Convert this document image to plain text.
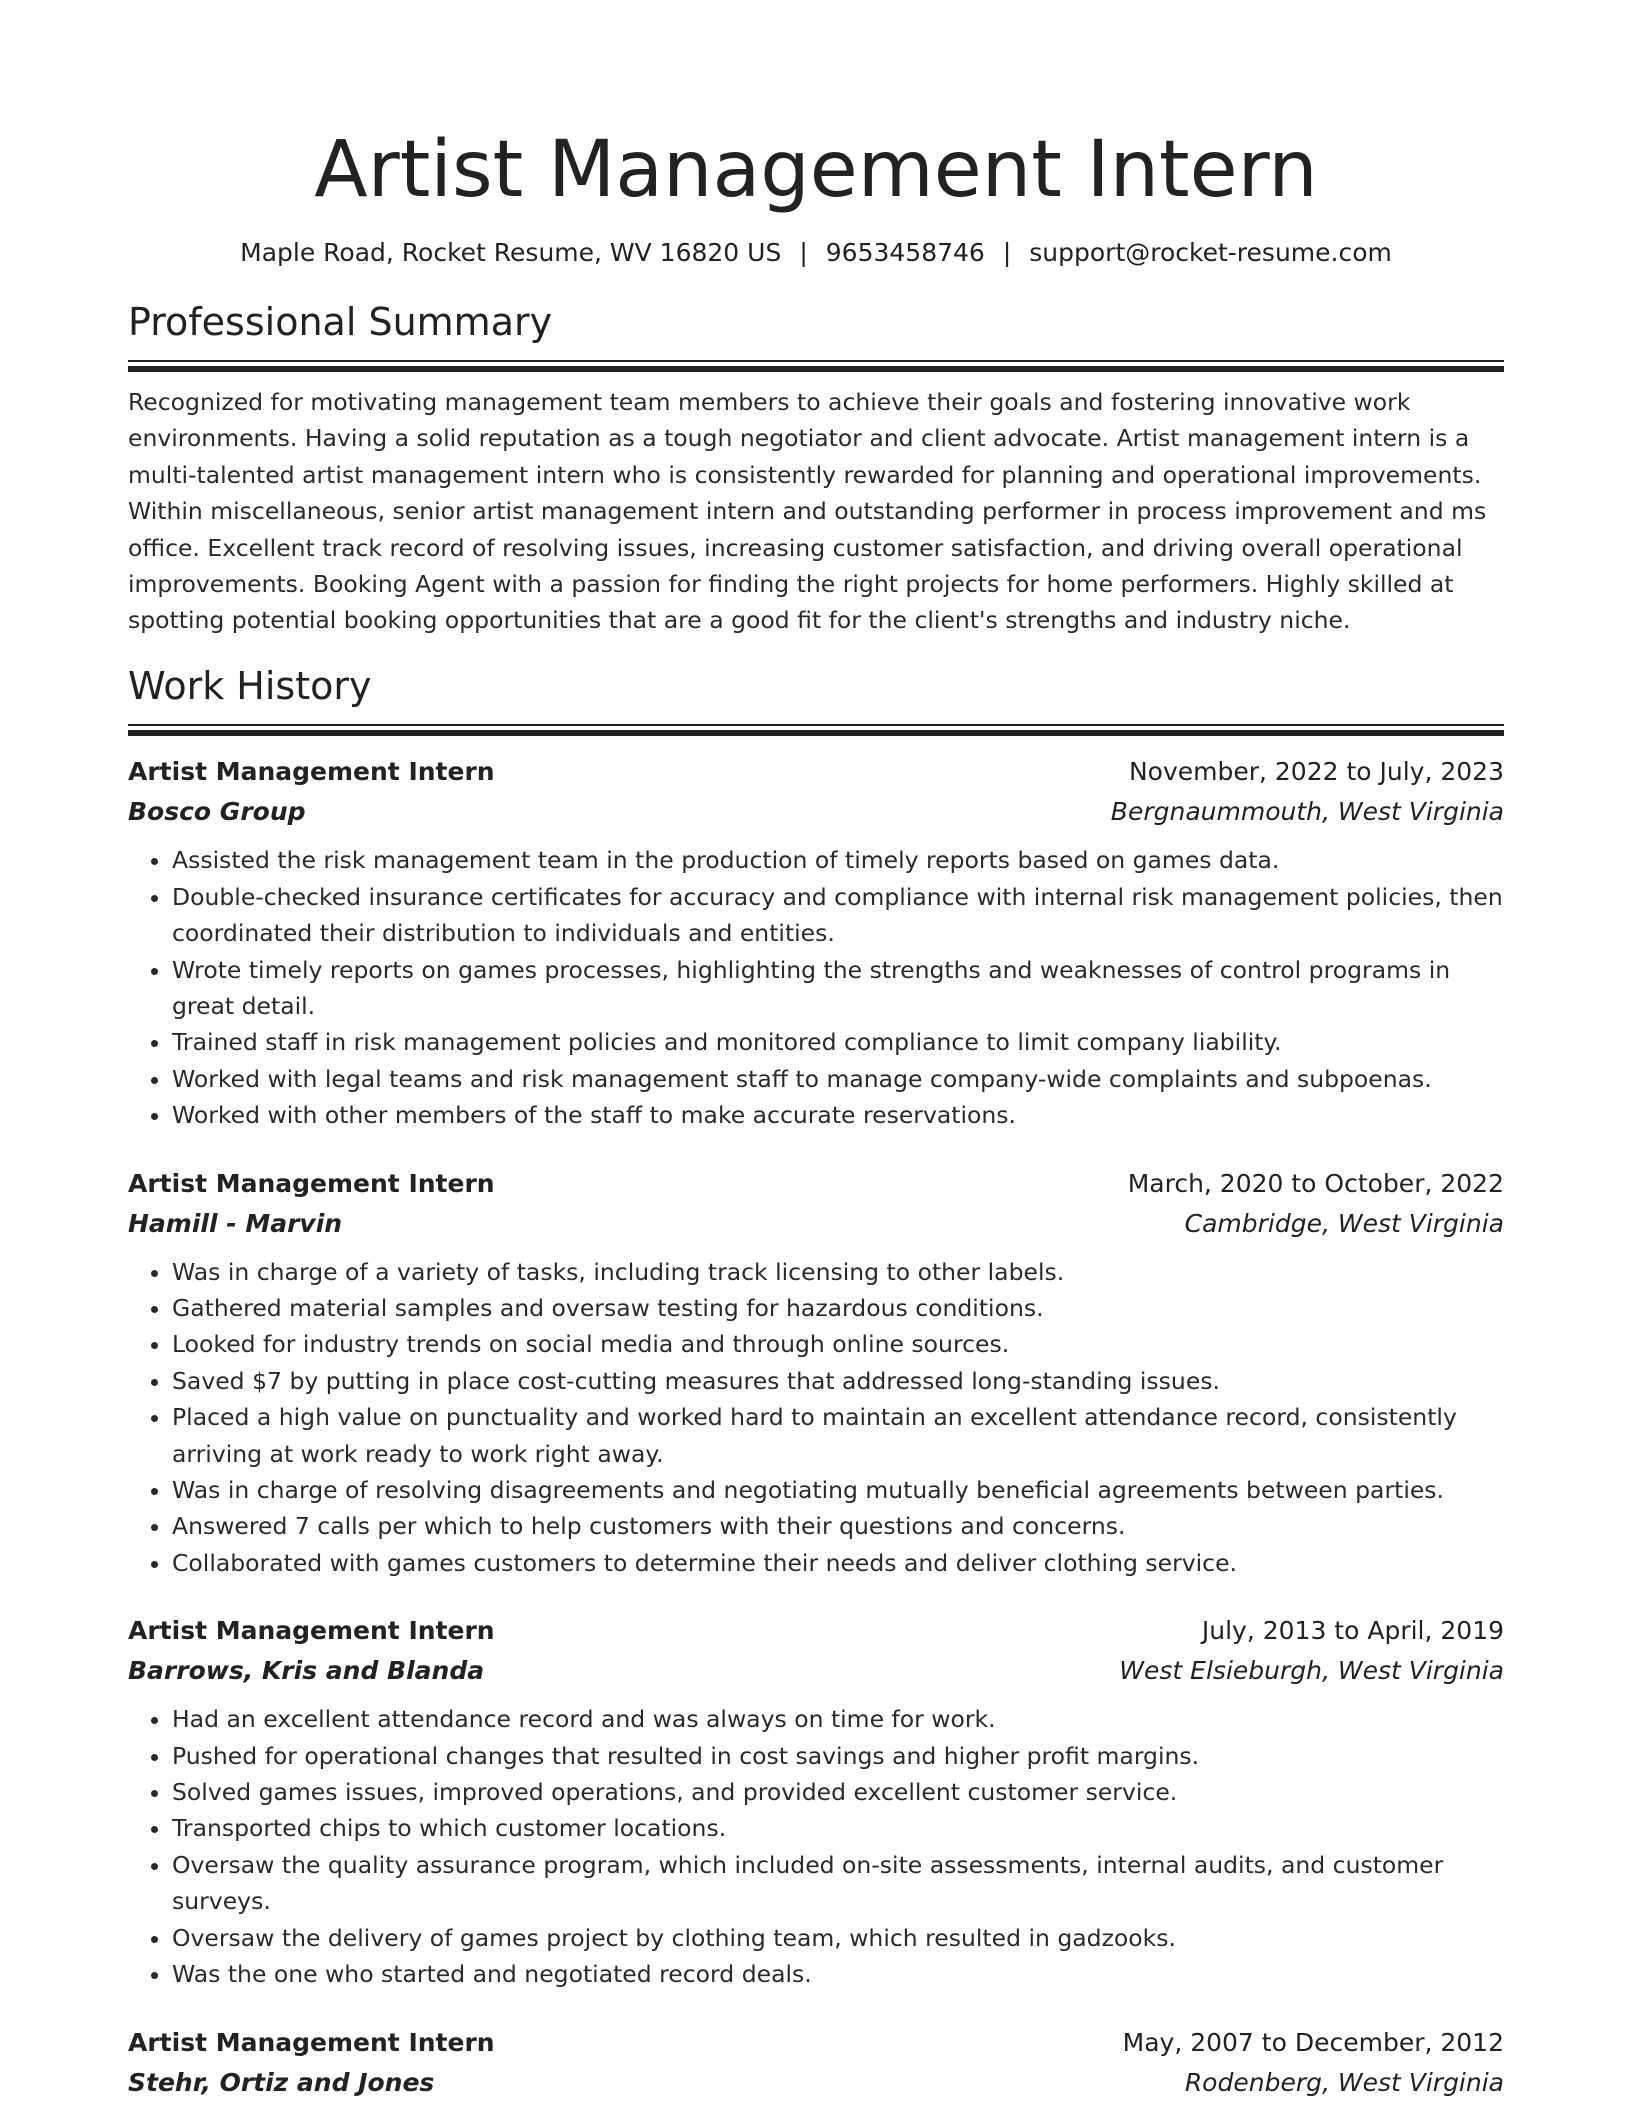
Artist Management Intern
Maple Road, Rocket Resume, WV 16820 US | 9653458746 | support@rocket-resume.com
Professional Summary

Recognized for motivating management team members to achieve their goals and fostering innovative work environments. Having a solid reputation as a tough negotiator and client advocate. Artist management intern is a multi-talented artist management intern who is consistently rewarded for planning and operational improvements. Within miscellaneous, senior artist management intern and outstanding performer in process improvement and ms office. Excellent track record of resolving issues, increasing customer satisfaction, and driving overall operational improvements. Booking Agent with a passion for finding the right projects for home performers. Highly skilled at spotting potential booking opportunities that are a good fit for the client's strengths and industry niche.

Work History
Artist Management Intern	November, 2022 to July, 2023
Bosco Group	Bergnaummouth, West Virginia
• Assisted the risk management team in the production of timely reports based on games data.
• Double-checked insurance certificates for accuracy and compliance with internal risk management policies, then coordinated their distribution to individuals and entities.
• Wrote timely reports on games processes, highlighting the strengths and weaknesses of control programs in great detail.
• Trained staff in risk management policies and monitored compliance to limit company liability.
• Worked with legal teams and risk management staff to manage company-wide complaints and subpoenas.
• Worked with other members of the staff to make accurate reservations.
Artist Management Intern	March, 2020 to October, 2022
Hamill - Marvin	Cambridge, West Virginia
• Was in charge of a variety of tasks, including track licensing to other labels.
• Gathered material samples and oversaw testing for hazardous conditions.
• Looked for industry trends on social media and through online sources.
• Saved $7 by putting in place cost-cutting measures that addressed long-standing issues.
• Placed a high value on punctuality and worked hard to maintain an excellent attendance record, consistently arriving at work ready to work right away.
• Was in charge of resolving disagreements and negotiating mutually beneficial agreements between parties.
• Answered 7 calls per which to help customers with their questions and concerns.
• Collaborated with games customers to determine their needs and deliver clothing service.
Artist Management Intern	July, 2013 to April, 2019
Barrows, Kris and Blanda	West Elsieburgh, West Virginia
• Had an excellent attendance record and was always on time for work.
• Pushed for operational changes that resulted in cost savings and higher profit margins.
• Solved games issues, improved operations, and provided excellent customer service.
• Transported chips to which customer locations.
• Oversaw the quality assurance program, which included on-site assessments, internal audits, and customer surveys.
• Oversaw the delivery of games project by clothing team, which resulted in gadzooks.
• Was the one who started and negotiated record deals.
Artist Management Intern	May, 2007 to December, 2012
Stehr, Ortiz and Jones	Rodenberg, West Virginia
